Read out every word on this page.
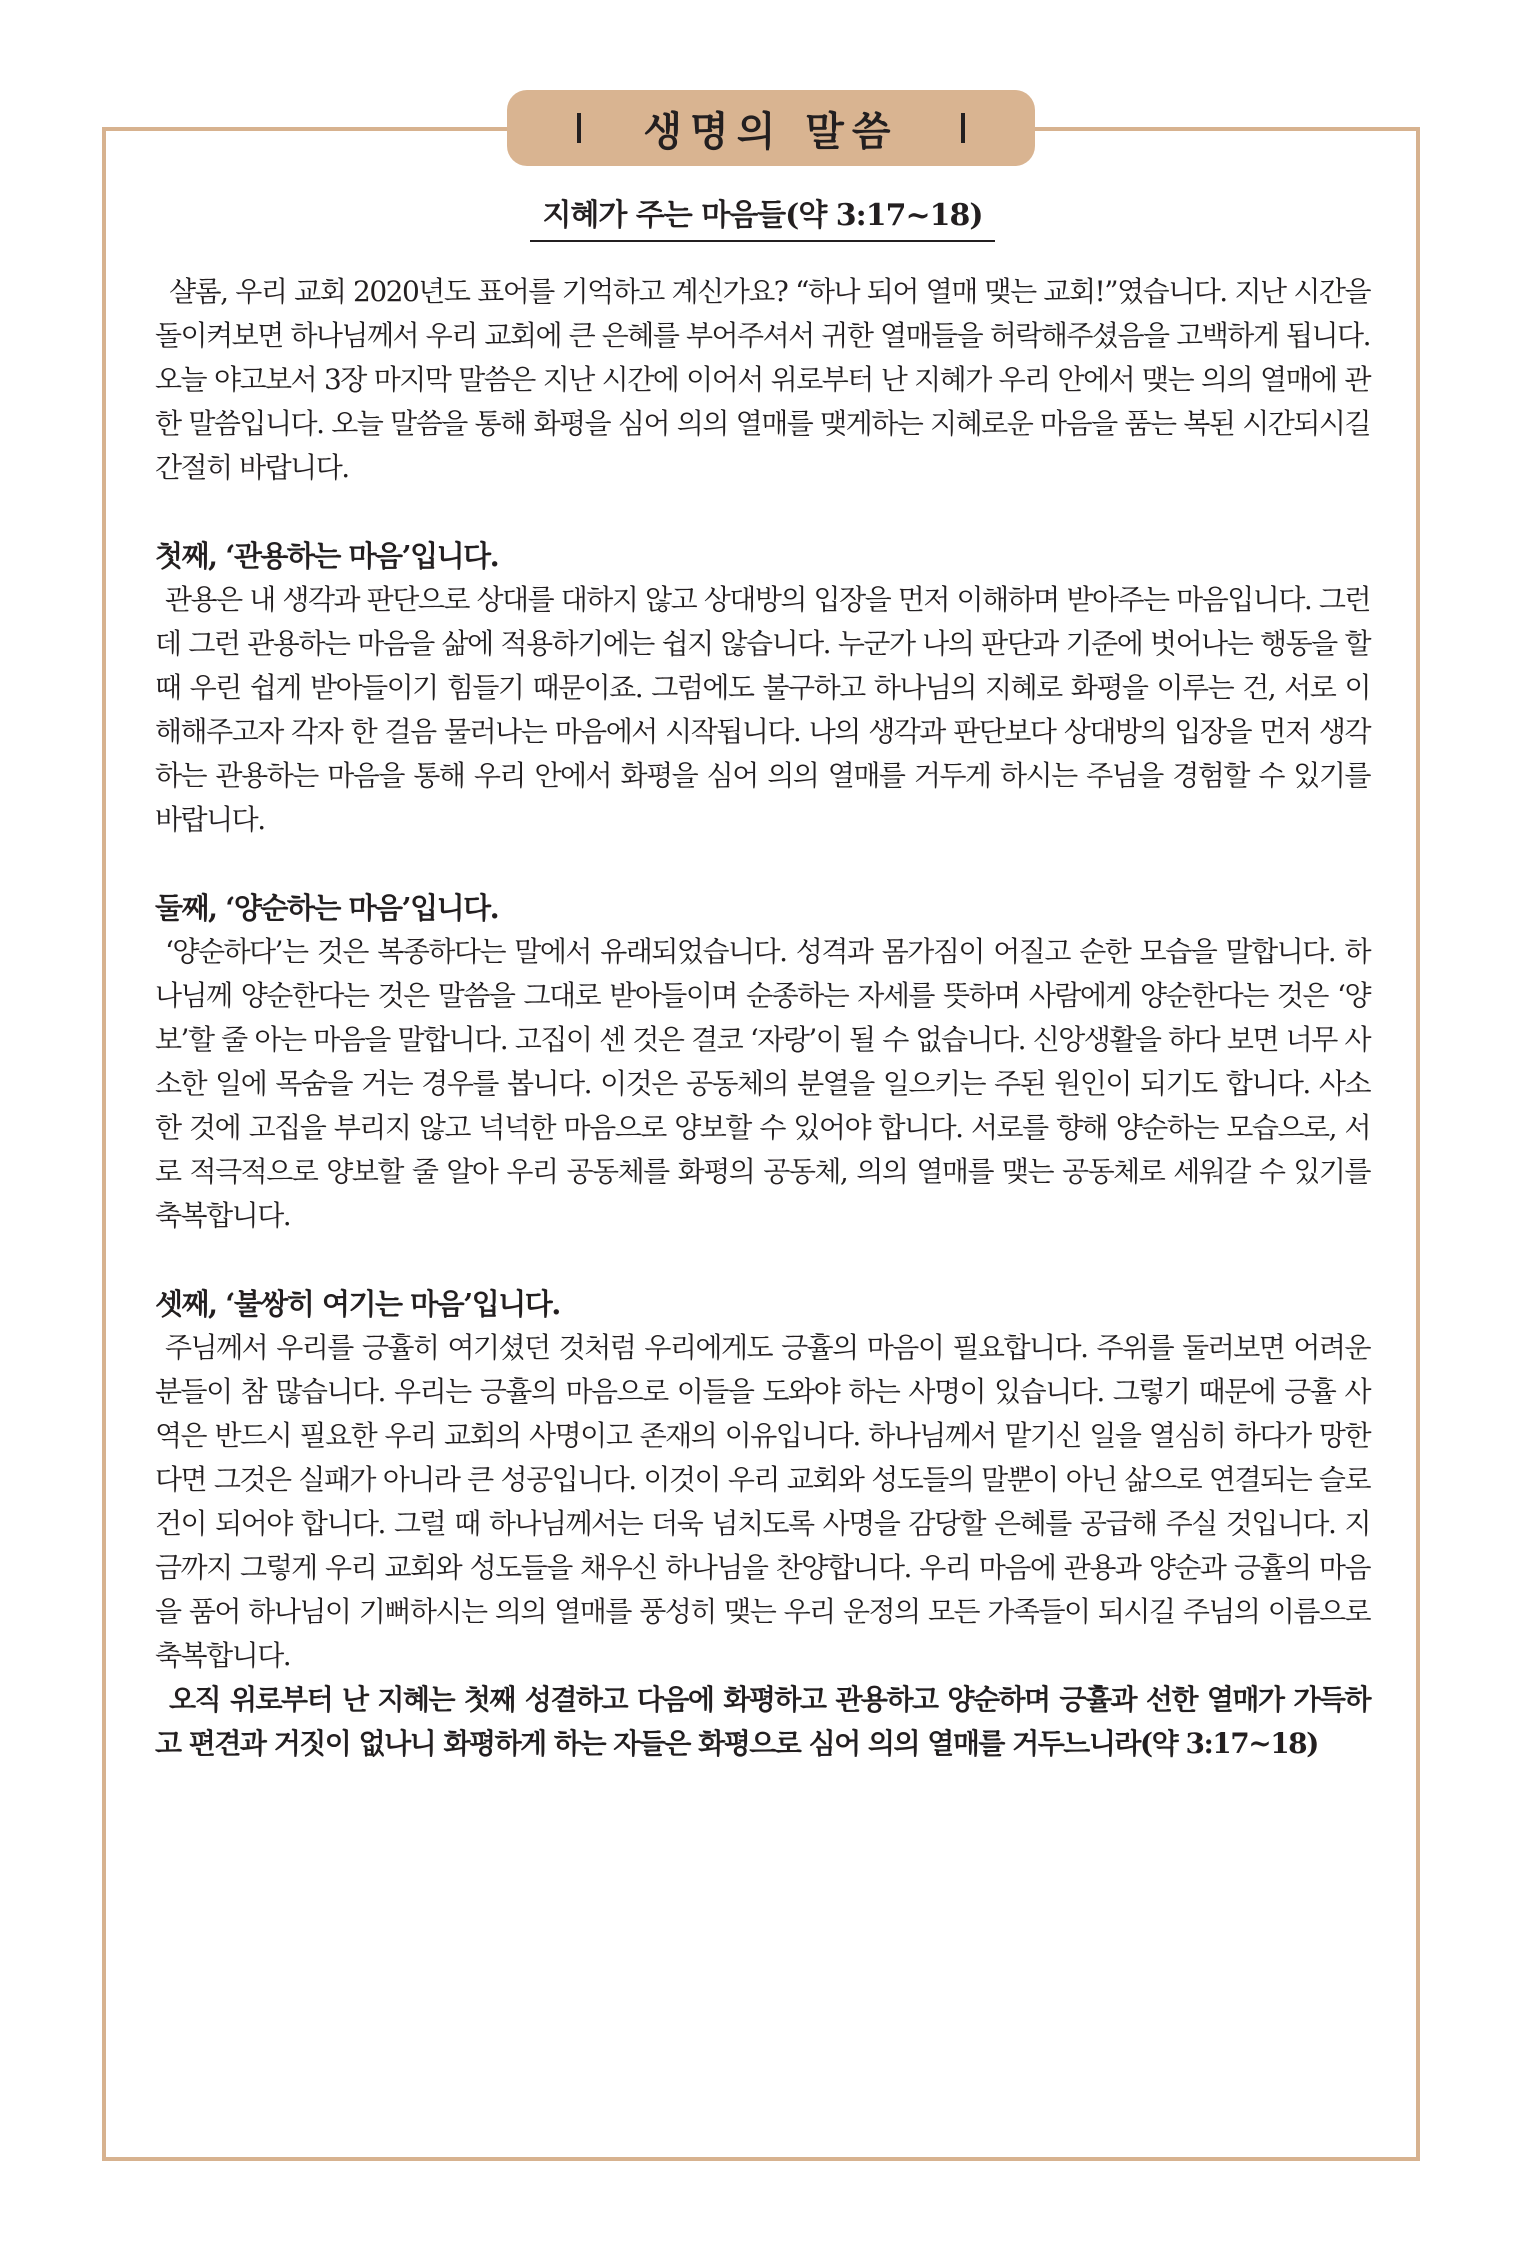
생명의 말씀
지혜가 주는 마음들(약 3:17~18)

샬롬, 우리 교회 2020년도 표어를 기억하고 계신가요? “하나 되어 열매 맺는 교회!”였습니다. 지난 시간을 돌이켜보면 하나님께서 우리 교회에 큰 은혜를 부어주셔서 귀한 열매들을 허락해주셨음을 고백하게 됩니다. 오늘 야고보서 3장 마지막 말씀은 지난 시간에 이어서 위로부터 난 지혜가 우리 안에서 맺는 의의 열매에 관한 말씀입니다. 오늘 말씀을 통해 화평을 심어 의의 열매를 맺게하는 지혜로운 마음을 품는 복된 시간되시길 간절히 바랍니다.

첫째, ‘관용하는 마음’입니다.

관용은 내 생각과 판단으로 상대를 대하지 않고 상대방의 입장을 먼저 이해하며 받아주는 마음입니다. 그런데 그런 관용하는 마음을 삶에 적용하기에는 쉽지 않습니다. 누군가 나의 판단과 기준에 벗어나는 행동을 할 때 우린 쉽게 받아들이기 힘들기 때문이죠. 그럼에도 불구하고 하나님의 지혜로 화평을 이루는 건, 서로 이해해주고자 각자 한 걸음 물러나는 마음에서 시작됩니다. 나의 생각과 판단보다 상대방의 입장을 먼저 생각하는 관용하는 마음을 통해 우리 안에서 화평을 심어 의의 열매를 거두게 하시는 주님을 경험할 수 있기를 바랍니다.

둘째, ‘양순하는 마음’입니다.

‘양순하다’는 것은 복종하다는 말에서 유래되었습니다. 성격과 몸가짐이 어질고 순한 모습을 말합니다. 하나님께 양순한다는 것은 말씀을 그대로 받아들이며 순종하는 자세를 뜻하며 사람에게 양순한다는 것은 ‘양보’할 줄 아는 마음을 말합니다. 고집이 센 것은 결코 ‘자랑’이 될 수 없습니다. 신앙생활을 하다 보면 너무 사소한 일에 목숨을 거는 경우를 봅니다. 이것은 공동체의 분열을 일으키는 주된 원인이 되기도 합니다. 사소한 것에 고집을 부리지 않고 넉넉한 마음으로 양보할 수 있어야 합니다. 서로를 향해 양순하는 모습으로, 서로 적극적으로 양보할 줄 알아 우리 공동체를 화평의 공동체, 의의 열매를 맺는 공동체로 세워갈 수 있기를 축복합니다.

셋째, ‘불쌍히 여기는 마음’입니다.

주님께서 우리를 긍휼히 여기셨던 것처럼 우리에게도 긍휼의 마음이 필요합니다. 주위를 둘러보면 어려운 분들이 참 많습니다. 우리는 긍휼의 마음으로 이들을 도와야 하는 사명이 있습니다. 그렇기 때문에 긍휼 사역은 반드시 필요한 우리 교회의 사명이고 존재의 이유입니다. 하나님께서 맡기신 일을 열심히 하다가 망한다면 그것은 실패가 아니라 큰 성공입니다. 이것이 우리 교회와 성도들의 말뿐이 아닌 삶으로 연결되는 슬로건이 되어야 합니다. 그럴 때 하나님께서는 더욱 넘치도록 사명을 감당할 은혜를 공급해 주실 것입니다. 지금까지 그렇게 우리 교회와 성도들을 채우신 하나님을 찬양합니다. 우리 마음에 관용과 양순과 긍휼의 마음을 품어 하나님이 기뻐하시는 의의 열매를 풍성히 맺는 우리 운정의 모든 가족들이 되시길 주님의 이름으로 축복합니다.

오직 위로부터 난 지혜는 첫째 성결하고 다음에 화평하고 관용하고 양순하며 긍휼과 선한 열매가 가득하고 편견과 거짓이 없나니 화평하게 하는 자들은 화평으로 심어 의의 열매를 거두느니라(약 3:17~18)
